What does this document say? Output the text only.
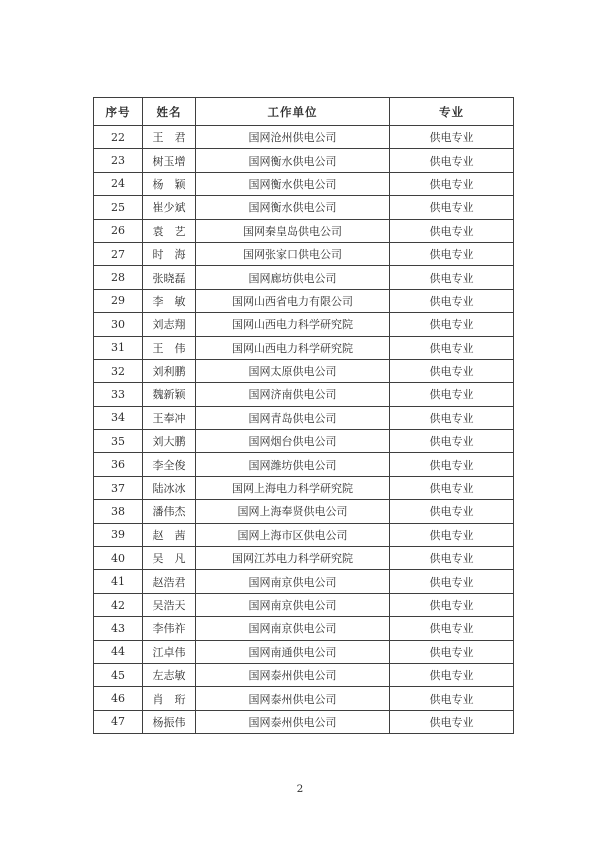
序号	姓名	工作单位	专业
22	王　君	国网沧州供电公司	供电专业
23	树玉增	国网衡水供电公司	供电专业
24	杨　颖	国网衡水供电公司	供电专业
25	崔少斌	国网衡水供电公司	供电专业
26	袁　艺	国网秦皇岛供电公司	供电专业
27	时　海	国网张家口供电公司	供电专业
28	张晓磊	国网廊坊供电公司	供电专业
29	李　敏	国网山西省电力有限公司	供电专业
30	刘志翔	国网山西电力科学研究院	供电专业
31	王　伟	国网山西电力科学研究院	供电专业
32	刘利鹏	国网太原供电公司	供电专业
33	魏新颖	国网济南供电公司	供电专业
34	王奉冲	国网青岛供电公司	供电专业
35	刘大鹏	国网烟台供电公司	供电专业
36	李全俊	国网潍坊供电公司	供电专业
37	陆冰冰	国网上海电力科学研究院	供电专业
38	潘伟杰	国网上海奉贤供电公司	供电专业
39	赵　茜	国网上海市区供电公司	供电专业
40	吴　凡	国网江苏电力科学研究院	供电专业
41	赵浩君	国网南京供电公司	供电专业
42	吴浩天	国网南京供电公司	供电专业
43	李伟祚	国网南京供电公司	供电专业
44	江卓伟	国网南通供电公司	供电专业
45	左志敏	国网泰州供电公司	供电专业
46	肖　珩	国网泰州供电公司	供电专业
47	杨振伟	国网泰州供电公司	供电专业
2
